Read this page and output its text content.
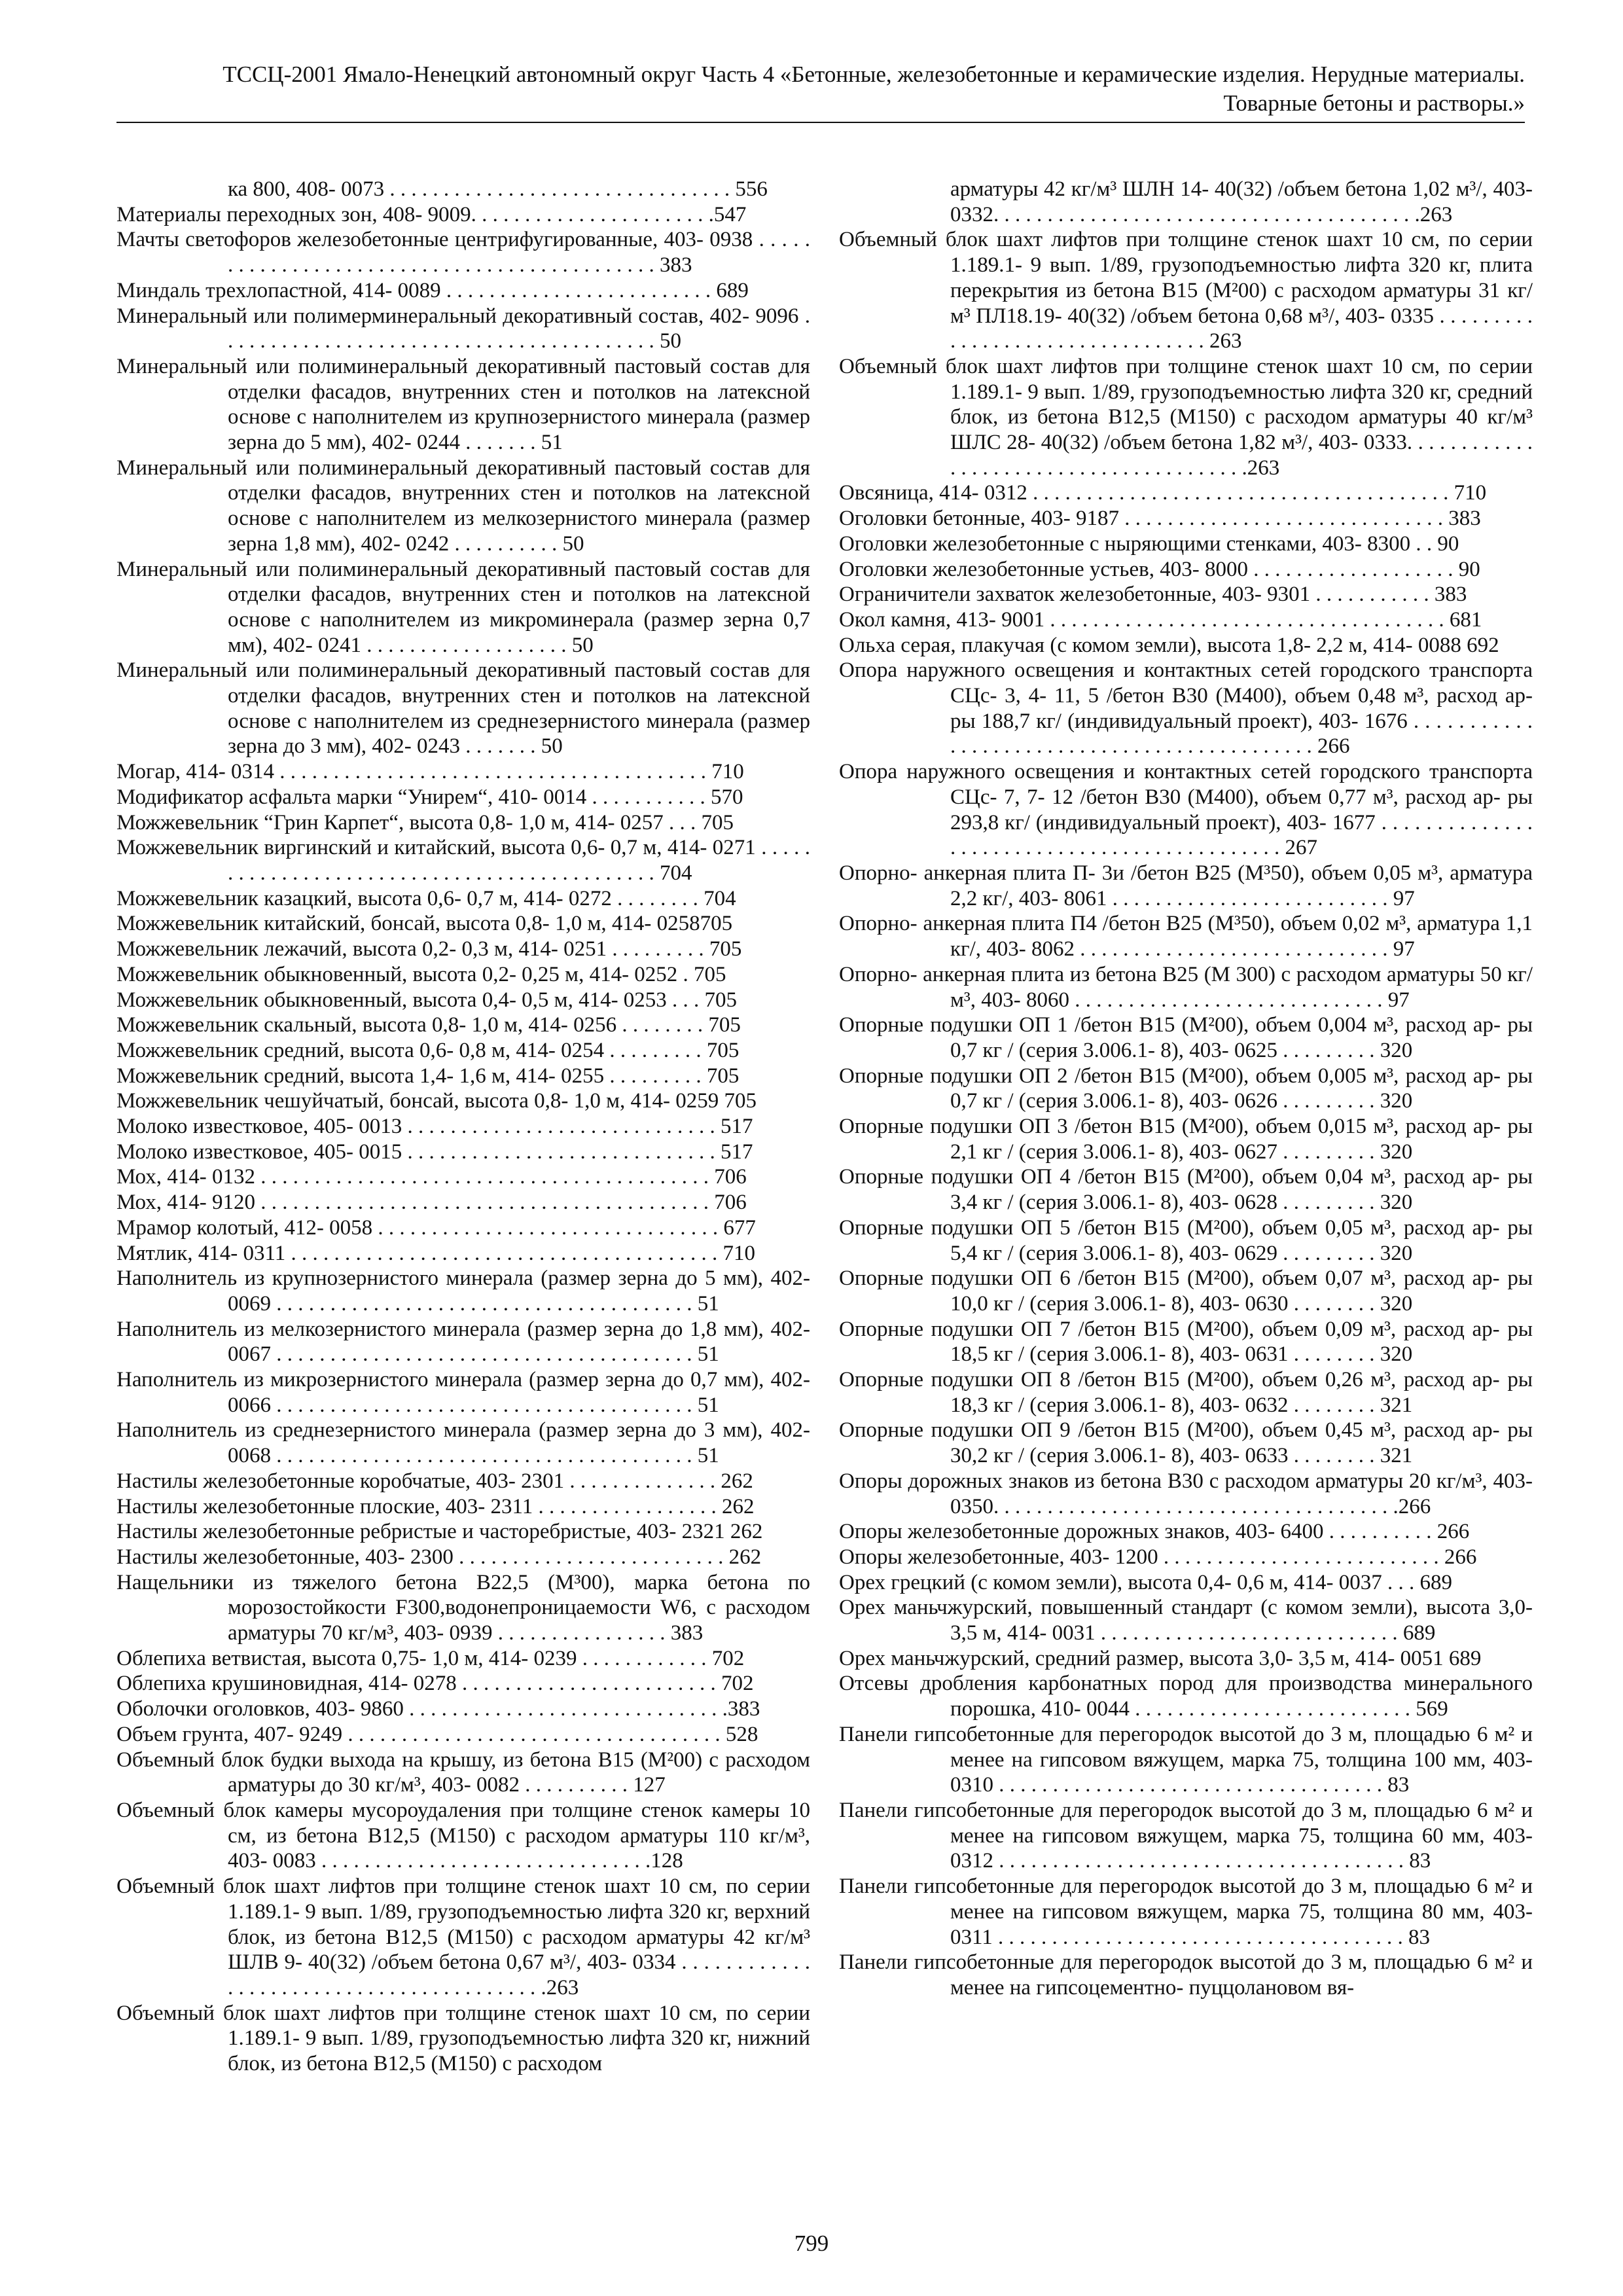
ТССЦ-2001 Ямало-Ненецкий автономный округ Часть 4 «Бетонные, железобетонные и керамические изделия. Нерудные материалы.
Товарные бетоны и растворы.»
ка 800, 408- 0073 . . . . . . . . . . . . . . . . . . . . . . . . . . . . . . . . 556
Материалы переходных зон, 408- 9009. . . . . . . . . . . . . . . . . . . . . . .547
Мачты светофоров железобетонные центрифугированные, 403- 0938 . . . . . . . . . . . . . . . . . . . . . . . . . . . . . . . . . . . . . . . . . . . . . 383
Миндаль трехлопастной, 414- 0089 . . . . . . . . . . . . . . . . . . . . . . . . . 689
Минеральный или полимерминеральный декоративный состав, 402- 9096 . . . . . . . . . . . . . . . . . . . . . . . . . . . . . . . . . . . . . . . . . 50
Минеральный или полиминеральный декоративный пастовый состав для отделки фасадов, внутренних стен и потолков на латексной основе с наполнителем из крупнозернистого минерала (размер зерна до 5 мм), 402- 0244 . . . . . . . 51
Минеральный или полиминеральный декоративный пастовый состав для отделки фасадов, внутренних стен и потолков на латексной основе с наполнителем из мелкозернистого минерала (размер зерна 1,8 мм), 402- 0242 . . . . . . . . . . 50
Минеральный или полиминеральный декоративный пастовый состав для отделки фасадов, внутренних стен и потолков на латексной основе с наполнителем из микроминерала (размер зерна 0,7 мм), 402- 0241 . . . . . . . . . . . . . . . . . . . 50
Минеральный или полиминеральный декоративный пастовый состав для отделки фасадов, внутренних стен и потолков на латексной основе с наполнителем из среднезернистого минерала (размер зерна до 3 мм), 402- 0243 . . . . . . . 50
Могар, 414- 0314 . . . . . . . . . . . . . . . . . . . . . . . . . . . . . . . . . . . . . . . . 710
Модификатор асфальта марки “Унирем“, 410- 0014 . . . . . . . . . . . 570
Можжевельник “Грин Карпет“, высота 0,8- 1,0 м, 414- 0257 . . . 705
Можжевельник виргинский и китайский, высота 0,6- 0,7 м, 414- 0271 . . . . . . . . . . . . . . . . . . . . . . . . . . . . . . . . . . . . . . . . . . . . . 704
Можжевельник казацкий, высота 0,6- 0,7 м, 414- 0272 . . . . . . . . 704
Можжевельник китайский, бонсай, высота 0,8- 1,0 м, 414- 0258705
Можжевельник лежачий, высота 0,2- 0,3 м, 414- 0251 . . . . . . . . . 705
Можжевельник обыкновенный, высота 0,2- 0,25 м, 414- 0252 . 705
Можжевельник обыкновенный, высота 0,4- 0,5 м, 414- 0253 . . . 705
Можжевельник скальный, высота 0,8- 1,0 м, 414- 0256 . . . . . . . . 705
Можжевельник средний, высота 0,6- 0,8 м, 414- 0254 . . . . . . . . . 705
Можжевельник средний, высота 1,4- 1,6 м, 414- 0255 . . . . . . . . . 705
Можжевельник чешуйчатый, бонсай, высота 0,8- 1,0 м, 414- 0259 705
Молоко известковое, 405- 0013 . . . . . . . . . . . . . . . . . . . . . . . . . . . . . 517
Молоко известковое, 405- 0015 . . . . . . . . . . . . . . . . . . . . . . . . . . . . . 517
Мох, 414- 0132 . . . . . . . . . . . . . . . . . . . . . . . . . . . . . . . . . . . . . . . . . . 706
Мох, 414- 9120 . . . . . . . . . . . . . . . . . . . . . . . . . . . . . . . . . . . . . . . . . . 706
Мрамор колотый, 412- 0058 . . . . . . . . . . . . . . . . . . . . . . . . . . . . . . . . 677
Мятлик, 414- 0311 . . . . . . . . . . . . . . . . . . . . . . . . . . . . . . . . . . . . . . . . 710
Наполнитель из крупнозернистого минерала (размер зерна до 5 мм), 402- 0069 . . . . . . . . . . . . . . . . . . . . . . . . . . . . . . . . . . . . . . . 51
Наполнитель из мелкозернистого минерала (размер зерна до 1,8 мм), 402- 0067 . . . . . . . . . . . . . . . . . . . . . . . . . . . . . . . . . . . . . . . 51
Наполнитель из микрозернистого минерала (размер зерна до 0,7 мм), 402- 0066 . . . . . . . . . . . . . . . . . . . . . . . . . . . . . . . . . . . . . . . 51
Наполнитель из среднезернистого минерала (размер зерна до 3 мм), 402- 0068 . . . . . . . . . . . . . . . . . . . . . . . . . . . . . . . . . . . . . . . 51
Настилы железобетонные коробчатые, 403- 2301 . . . . . . . . . . . . . . 262
Настилы железобетонные плоские, 403- 2311 . . . . . . . . . . . . . . . . . 262
Настилы железобетонные ребристые и часторебристые, 403- 2321 262
Настилы железобетонные, 403- 2300 . . . . . . . . . . . . . . . . . . . . . . . . . 262
Нащельники из тяжелого бетона В22,5 (М³00), марка бетона по морозостойкости F300,водонепроницаемости W6, с расходом арматуры 70 кг/м³, 403- 0939 . . . . . . . . . . . . . . . . 383
Облепиха ветвистая, высота 0,75- 1,0 м, 414- 0239 . . . . . . . . . . . . 702
Облепиха крушиновидная, 414- 0278 . . . . . . . . . . . . . . . . . . . . . . . . 702
Оболочки оголовков, 403- 9860 . . . . . . . . . . . . . . . . . . . . . . . . . . . . . .383
Объем грунта, 407- 9249 . . . . . . . . . . . . . . . . . . . . . . . . . . . . . . . . . . . 528
Объемный блок будки выхода на крышу, из бетона В15 (М²00) с расходом арматуры до 30 кг/м³, 403- 0082 . . . . . . . . . . 127
Объемный блок камеры мусороудаления при толщине стенок камеры 10 см, из бетона В12,5 (М150) с расходом арматуры 110 кг/м³, 403- 0083 . . . . . . . . . . . . . . . . . . . . . . . . . . . . . . .128
Объемный блок шахт лифтов при толщине стенок шахт 10 см, по серии 1.189.1- 9 вып. 1/89, грузоподъемностью лифта 320 кг, верхний блок, из бетона В12,5 (М150) с расходом арматуры 42 кг/м³ ШЛВ 9- 40(32) /объем бетона 0,67 м³/, 403- 0334 . . . . . . . . . . . . . . . . . . . . . . . . . . . . . . . . . . . . . . . . . .263
Объемный блок шахт лифтов при толщине стенок шахт 10 см, по серии 1.189.1- 9 вып. 1/89, грузоподъемностью лифта 320 кг, нижний блок, из бетона В12,5 (М150) с расходом
арматуры 42 кг/м³ ШЛН 14- 40(32) /объем бетона 1,02 м³/, 403- 0332. . . . . . . . . . . . . . . . . . . . . . . . . . . . . . . . . . . . . . . .263
Объемный блок шахт лифтов при толщине стенок шахт 10 см, по серии 1.189.1- 9 вып. 1/89, грузоподъемностью лифта 320 кг, плита перекрытия из бетона В15 (М²00) с расходом арматуры 31 кг/м³ ПЛ18.19- 40(32) /объем бетона 0,68 м³/, 403- 0335 . . . . . . . . . . . . . . . . . . . . . . . . . . . . . . . . . 263
Объемный блок шахт лифтов при толщине стенок шахт 10 см, по серии 1.189.1- 9 вып. 1/89, грузоподъемностью лифта 320 кг, средний блок, из бетона В12,5 (М150) с расходом арматуры 40 кг/м³ ШЛС 28- 40(32) /объем бетона 1,82 м³/, 403- 0333. . . . . . . . . . . . . . . . . . . . . . . . . . . . . . . . . . . . . . . .263
Овсяница, 414- 0312 . . . . . . . . . . . . . . . . . . . . . . . . . . . . . . . . . . . . . . . 710
Оголовки бетонные, 403- 9187 . . . . . . . . . . . . . . . . . . . . . . . . . . . . . . 383
Оголовки железобетонные с ныряющими стенками, 403- 8300 . . 90
Оголовки железобетонные устьев, 403- 8000 . . . . . . . . . . . . . . . . . . . 90
Ограничители захваток железобетонные, 403- 9301 . . . . . . . . . . . 383
Окол камня, 413- 9001 . . . . . . . . . . . . . . . . . . . . . . . . . . . . . . . . . . . . . 681
Ольха серая, плакучая (с комом земли), высота 1,8- 2,2 м, 414- 0088 692
Опора наружного освещения и контактных сетей городского транспорта СЦс- 3, 4- 11, 5 /бетон В30 (М400), объем 0,48 м³, расход ар- ры 188,7 кг/ (индивидуальный проект), 403- 1676 . . . . . . . . . . . . . . . . . . . . . . . . . . . . . . . . . . . . . . . . . . . . . 266
Опора наружного освещения и контактных сетей городского транспорта СЦс- 7, 7- 12 /бетон В30 (М400), объем 0,77 м³, расход ар- ры 293,8 кг/ (индивидуальный проект), 403- 1677 . . . . . . . . . . . . . . . . . . . . . . . . . . . . . . . . . . . . . . . . . . . . . 267
Опорно- анкерная плита П- 3и /бетон В25 (М³50), объем 0,05 м³, арматура 2,2 кг/, 403- 8061 . . . . . . . . . . . . . . . . . . . . . . . . . . 97
Опорно- анкерная плита П4 /бетон В25 (М³50), объем 0,02 м³, арматура 1,1 кг/, 403- 8062 . . . . . . . . . . . . . . . . . . . . . . . . . . . . . 97
Опорно- анкерная плита из бетона В25 (М 300) с расходом арматуры 50 кг/м³, 403- 8060 . . . . . . . . . . . . . . . . . . . . . . . . . . . . . 97
Опорные подушки ОП 1 /бетон В15 (М²00), объем 0,004 м³, расход ар- ры 0,7 кг / (серия 3.006.1- 8), 403- 0625 . . . . . . . . . 320
Опорные подушки ОП 2 /бетон В15 (М²00), объем 0,005 м³, расход ар- ры 0,7 кг / (серия 3.006.1- 8), 403- 0626 . . . . . . . . . 320
Опорные подушки ОП 3 /бетон В15 (М²00), объем 0,015 м³, расход ар- ры 2,1 кг / (серия 3.006.1- 8), 403- 0627 . . . . . . . . . 320
Опорные подушки ОП 4 /бетон В15 (М²00), объем 0,04 м³, расход ар- ры 3,4 кг / (серия 3.006.1- 8), 403- 0628 . . . . . . . . . 320
Опорные подушки ОП 5 /бетон В15 (М²00), объем 0,05 м³, расход ар- ры 5,4 кг / (серия 3.006.1- 8), 403- 0629 . . . . . . . . . 320
Опорные подушки ОП 6 /бетон В15 (М²00), объем 0,07 м³, расход ар- ры 10,0 кг / (серия 3.006.1- 8), 403- 0630 . . . . . . . . 320
Опорные подушки ОП 7 /бетон В15 (М²00), объем 0,09 м³, расход ар- ры 18,5 кг / (серия 3.006.1- 8), 403- 0631 . . . . . . . . 320
Опорные подушки ОП 8 /бетон В15 (М²00), объем 0,26 м³, расход ар- ры 18,3 кг / (серия 3.006.1- 8), 403- 0632 . . . . . . . . 321
Опорные подушки ОП 9 /бетон В15 (М²00), объем 0,45 м³, расход ар- ры 30,2 кг / (серия 3.006.1- 8), 403- 0633 . . . . . . . . 321
Опоры дорожных знаков из бетона В30 с расходом арматуры 20 кг/м³, 403- 0350. . . . . . . . . . . . . . . . . . . . . . . . . . . . . . . . . . . . . .266
Опоры железобетонные дорожных знаков, 403- 6400 . . . . . . . . . . 266
Опоры железобетонные, 403- 1200 . . . . . . . . . . . . . . . . . . . . . . . . . . 266
Орех грецкий (с комом земли), высота 0,4- 0,6 м, 414- 0037 . . . 689
Орех маньчжурский, повышенный стандарт (с комом земли), высота 3,0- 3,5 м, 414- 0031 . . . . . . . . . . . . . . . . . . . . . . . . . . . . 689
Орех маньчжурский, средний размер, высота 3,0- 3,5 м, 414- 0051 689
Отсевы дробления карбонатных пород для производства минерального порошка, 410- 0044 . . . . . . . . . . . . . . . . . . . . . . . . . . 569
Панели гипсобетонные для перегородок высотой до 3 м, площадью 6 м² и менее на гипсовом вяжущем, марка 75, толщина 100 мм, 403- 0310 . . . . . . . . . . . . . . . . . . . . . . . . . . . . . . . . . . . . 83
Панели гипсобетонные для перегородок высотой до 3 м, площадью 6 м² и менее на гипсовом вяжущем, марка 75, толщина 60 мм, 403- 0312 . . . . . . . . . . . . . . . . . . . . . . . . . . . . . . . . . . . . . . 83
Панели гипсобетонные для перегородок высотой до 3 м, площадью 6 м² и менее на гипсовом вяжущем, марка 75, толщина 80 мм, 403- 0311 . . . . . . . . . . . . . . . . . . . . . . . . . . . . . . . . . . . . . . 83
Панели гипсобетонные для перегородок высотой до 3 м, площадью 6 м² и менее на гипсоцементно- пуццолановом вя-
799
